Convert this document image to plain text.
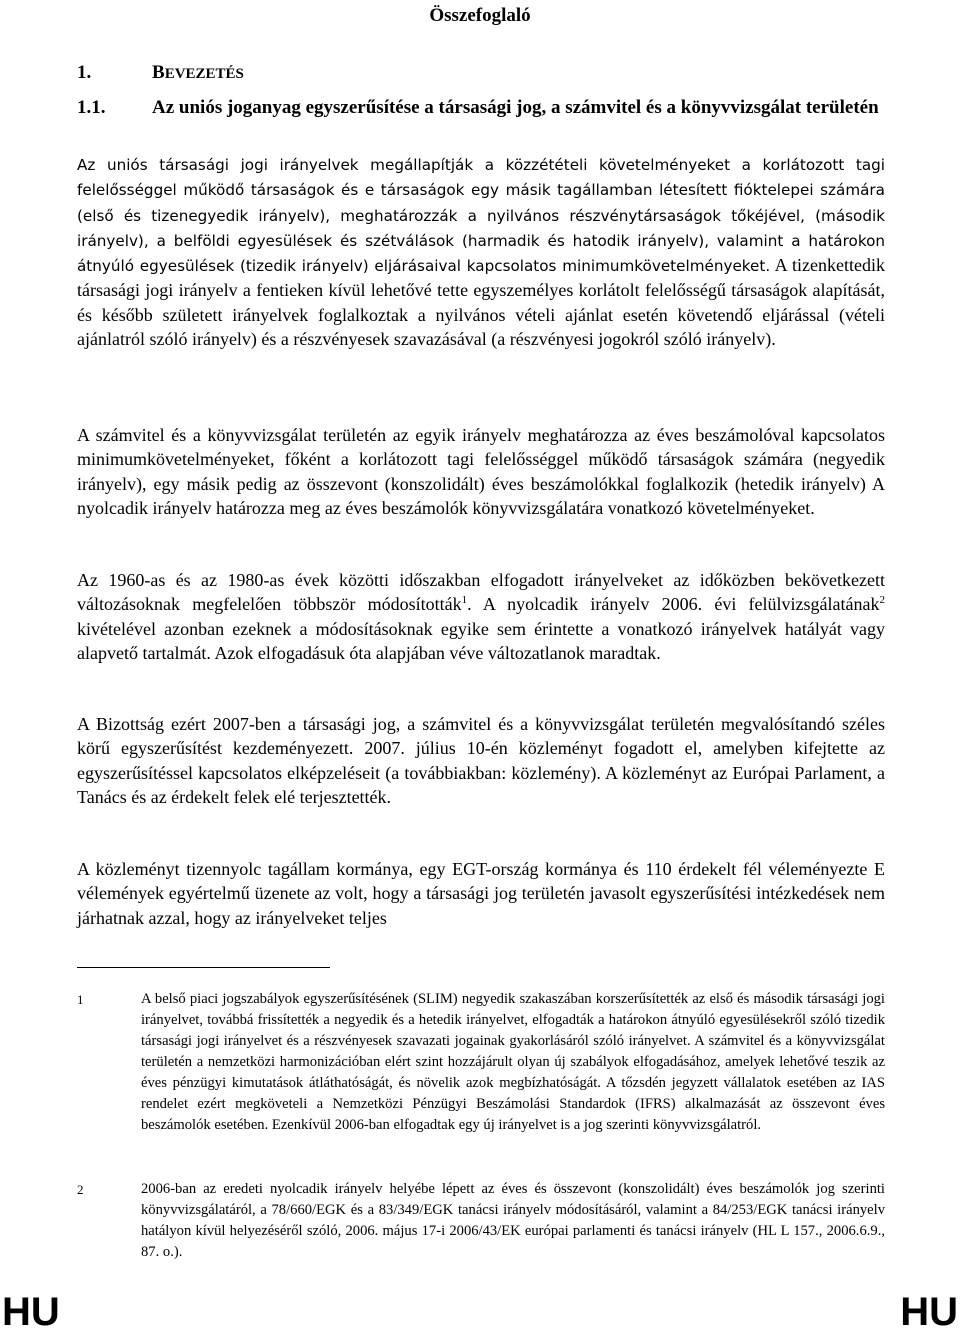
Összefoglaló
1.	BEVEZETÉS
1.1. Az uniós joganyag egyszerűsítése a társasági jog, a számvitel és a könyvvizsgálat területén

Az uniós társasági jogi irányelvek megállapítják a közzétételi követelményeket a korlátozott tagi felelősséggel működő társaságok és e társaságok egy másik tagállamban létesített fióktelepei számára (első és tizenegyedik irányelv), meghatározzák a nyilvános részvénytársaságok tőkéjével, (második irányelv), a belföldi egyesülések és szétválások (harmadik és hatodik irányelv), valamint a határokon átnyúló egyesülések (tizedik irányelv) eljárásaival kapcsolatos minimumkövetelményeket. A tizenkettedik társasági jogi irányelv a fentieken kívül lehetővé tette egyszemélyes korlátolt felelősségű társaságok alapítását, és később született irányelvek foglalkoztak a nyilvános vételi ajánlat esetén követendő eljárással (vételi ajánlatról szóló irányelv) és a részvényesek szavazásával (a részvényesi jogokról szóló irányelv).

A számvitel és a könyvvizsgálat területén az egyik irányelv meghatározza az éves beszámolóval kapcsolatos minimumkövetelményeket, főként a korlátozott tagi felelősséggel működő társaságok számára (negyedik irányelv), egy másik pedig az összevont (konszolidált) éves beszámolókkal foglalkozik (hetedik irányelv) A nyolcadik irányelv határozza meg az éves beszámolók könyvvizsgálatára vonatkozó követelményeket.

Az 1960-as és az 1980-as évek közötti időszakban elfogadott irányelveket az időközben bekövetkezett változásoknak megfelelően többször módosították$^1$. A nyolcadik irányelv 2006. évi felülvizsgálatának$^2$ kivételével azonban ezeknek a módosításoknak egyike sem érintette a vonatkozó irányelvek hatályát vagy alapvető tartalmát. Azok elfogadásuk óta alapjában véve változatlanok maradtak.

A Bizottság ezért 2007-ben a társasági jog, a számvitel és a könyvvizsgálat területén megvalósítandó széles körű egyszerűsítést kezdeményezett. 2007. július 10-én közleményt fogadott el, amelyben kifejtette az egyszerűsítéssel kapcsolatos elképzeléseit (a továbbiakban: közlemény). A közleményt az Európai Parlament, a Tanács és az érdekelt felek elé terjesztették.

A közleményt tizennyolc tagállam kormánya, egy EGT-ország kormánya és 110 érdekelt fél véleményezte E vélemények egyértelmű üzenete az volt, hogy a társasági jog területén javasolt egyszerűsítési intézkedések nem járhatnak azzal, hogy az irányelveket teljes

1	A belső piaci jogszabályok egyszerűsítésének (SLIM) negyedik szakaszában korszerűsítették az első és második társasági jogi irányelvet, továbbá frissítették a negyedik és a hetedik irányelvet, elfogadták a határokon átnyúló egyesülésekről szóló tizedik társasági jogi irányelvet és a részvényesek szavazati jogainak gyakorlásáról szóló irányelvet. A számvitel és a könyvvizsgálat területén a nemzetközi harmonizációban elért szint hozzájárult olyan új szabályok elfogadásához, amelyek lehetővé teszik az éves pénzügyi kimutatások átláthatóságát, és növelik azok megbízhatóságát. A tőzsdén jegyzett vállalatok esetében az IAS rendelet ezért megköveteli a Nemzetközi Pénzügyi Beszámolási Standardok (IFRS) alkalmazását az összevont éves beszámolók esetében. Ezenkívül 2006-ban elfogadtak egy új irányelvet is a jog szerinti könyvvizsgálatról.
2	2006-ban az eredeti nyolcadik irányelv helyébe lépett az éves és összevont (konszolidált) éves beszámolók jog szerinti könyvvizsgálatáról, a 78/660/EGK és a 83/349/EGK tanácsi irányelv módosításáról, valamint a 84/253/EGK tanácsi irányelv hatályon kívül helyezéséről szóló, 2006. május 17-i 2006/43/EK európai parlamenti és tanácsi irányelv (HL L 157., 2006.6.9., 87. o.).
HU	HU
